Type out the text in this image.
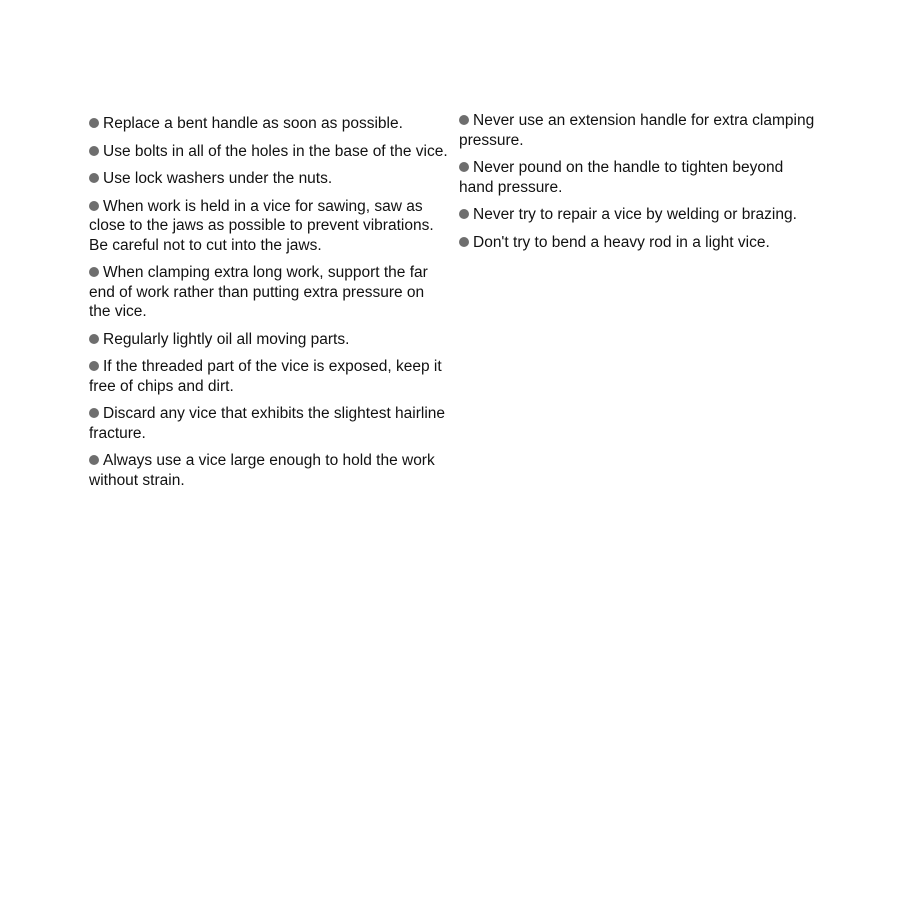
Replace a bent handle as soon as possible.

Use bolts in all of the holes in the base of the vice.

Use lock washers under the nuts.

When work is held in a vice for sawing, saw as close to the jaws as possible to prevent vibrations. Be careful not to cut into the jaws.

When clamping extra long work, support the far end of work rather than putting extra pressure on the vice.

Regularly lightly oil all moving parts.

If the threaded part of the vice is exposed, keep it free of chips and dirt.

Discard any vice that exhibits the slightest hairline fracture.

Always use a vice large enough to hold the work without strain.

Never use an extension handle for extra clamping pressure.

Never pound on the handle to tighten beyond hand pressure.

Never try to repair a vice by welding or brazing.

Don't try to bend a heavy rod in a light vice.
